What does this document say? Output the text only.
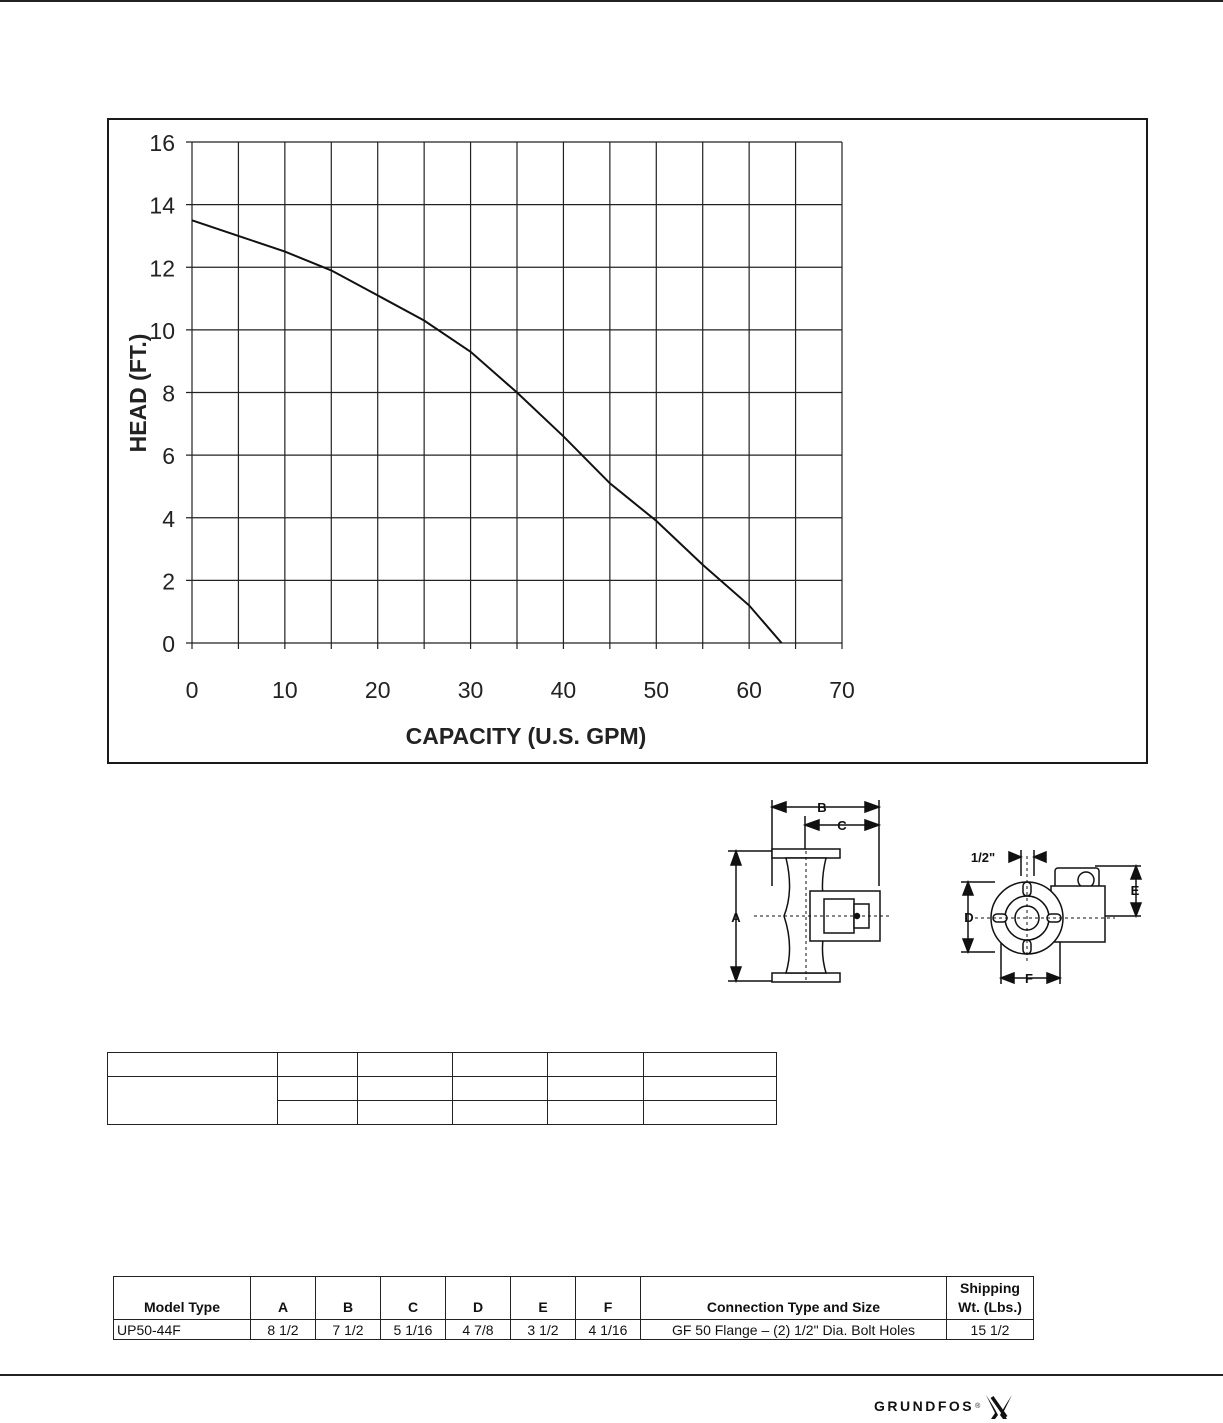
0	10	20	30	40	50	60	70
0
2
4
6
8
10
12
14
16
CAPACITY (U.S. GPM)
HEAD (FT.)
B
C
A
1/2"
E
D
F

Model Type	A	B	C	D	E	F	Connection Type and Size	Shipping Wt. (Lbs.)
UP50-44F	8 1/2	7 1/2	5 1/16	4 7/8	3 1/2	4 1/16	GF 50 Flange – (2) 1/2" Dia. Bolt Holes	15 1/2
GRUNDFOS ®
